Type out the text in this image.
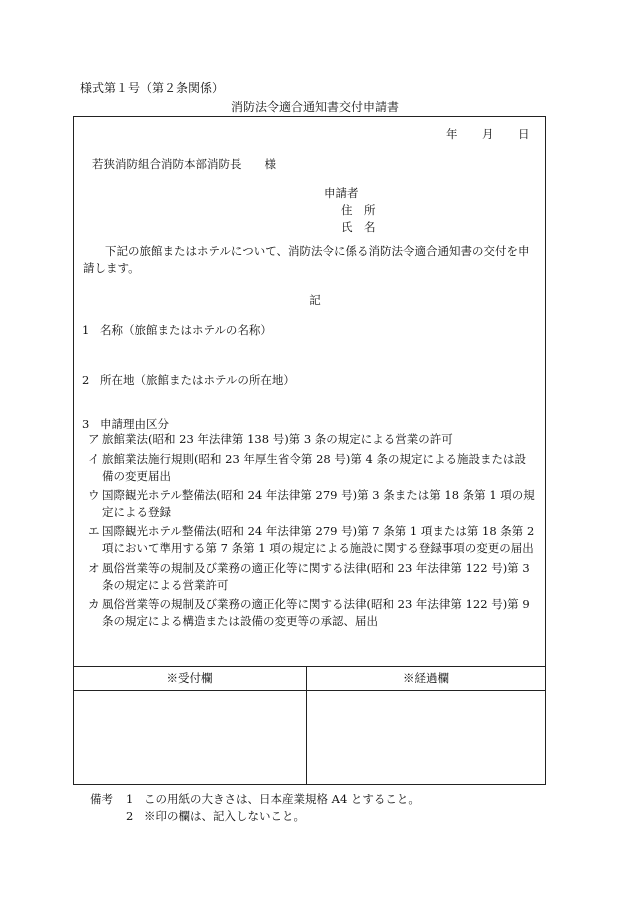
様式第１号（第２条関係）
消防法令適合通知書交付申請書
年 月 日
若狭消防組合消防本部消防長　　様
申請者
住　所
氏　名
下記の旅館またはホテルについて、消防法令に係る消防法令適合通知書の交付を申請します。
記
1 名称（旅館またはホテルの名称）
2 所在地（旅館またはホテルの所在地）
3 申請理由区分
ア 旅館業法(昭和 23 年法律第 138 号)第 3 条の規定による営業の許可
イ 旅館業法施行規則(昭和 23 年厚生省令第 28 号)第 4 条の規定による施設または設備の変更届出
ウ 国際観光ホテル整備法(昭和 24 年法律第 279 号)第 3 条または第 18 条第 1 項の規定による登録
エ 国際観光ホテル整備法(昭和 24 年法律第 279 号)第 7 条第 1 項または第 18 条第 2 項において準用する第 7 条第 1 項の規定による施設に関する登録事項の変更の届出
オ 風俗営業等の規制及び業務の適正化等に関する法律(昭和 23 年法律第 122 号)第 3 条の規定による営業許可
カ 風俗営業等の規制及び業務の適正化等に関する法律(昭和 23 年法律第 122 号)第 9 条の規定による構造または設備の変更等の承認、届出
※受付欄	※経過欄
備考 1 この用紙の大きさは、日本産業規格 A4 とすること。
2 ※印の欄は、記入しないこと。
